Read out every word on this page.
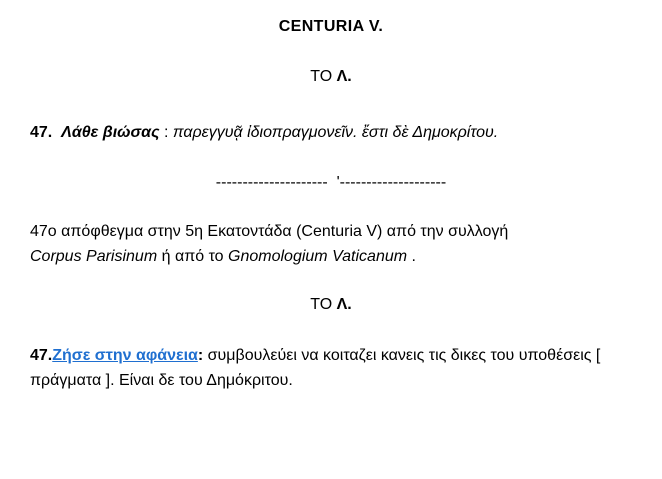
CENTURIA V.
ΤΟ Λ.
47. Λάθε βιώσας : παρεγγυᾷ ἰδιοπραγμονεῖν. ἔστι δὲ Δημοκρίτου.
---------------------  '--------------------
47ο απόφθεγμα στην 5η Εκατοντάδα (Centuria V) από την συλλογή
Corpus Parisinum ή από το Gnomologium Vaticanum .
ΤΟ Λ.
47.Ζήσε στην αφάνεια: συμβουλεύει να κοιταζει κανεις τις δικες του υποθέσεις [ πράγματα ]. Είναι δε του Δημόκριτου.
